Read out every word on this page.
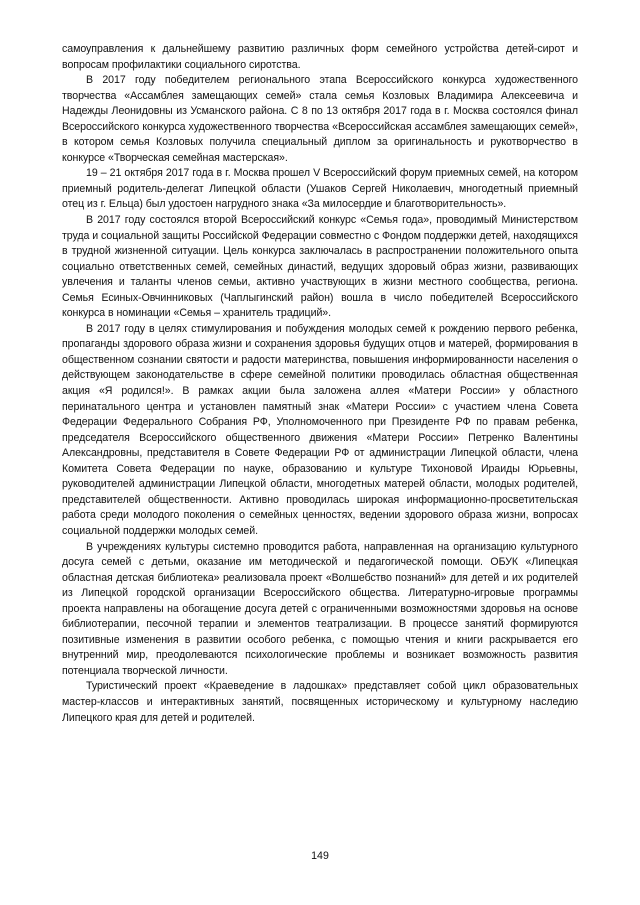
самоуправления к дальнейшему развитию различных форм семейного устройства детей-сирот и вопросам профилактики социального сиротства.

В 2017 году победителем регионального этапа Всероссийского конкурса художественного творчества «Ассамблея замещающих семей» стала семья Козловых Владимира Алексеевича и Надежды Леонидовны из Усманского района. С 8 по 13 октября 2017 года в г. Москва состоялся финал Всероссийского конкурса художественного творчества «Всероссийская ассамблея замещающих семей», в котором семья Козловых получила специальный диплом за оригинальность и рукотворчество в конкурсе «Творческая семейная мастерская».

19 – 21 октября 2017 года в г. Москва прошел V Всероссийский форум приемных семей, на котором приемный родитель-делегат Липецкой области (Ушаков Сергей Николаевич, многодетный приемный отец из г. Ельца) был удостоен нагрудного знака «За милосердие и благотворительность».

В 2017 году состоялся второй Всероссийский конкурс «Семья года», проводимый Министерством труда и социальной защиты Российской Федерации совместно с Фондом поддержки детей, находящихся в трудной жизненной ситуации. Цель конкурса заключалась в распространении положительного опыта социально ответственных семей, семейных династий, ведущих здоровый образ жизни, развивающих увлечения и таланты членов семьи, активно участвующих в жизни местного сообщества, региона. Семья Есиных-Овчинниковых (Чаплыгинский район) вошла в число победителей Всероссийского конкурса в номинации «Семья – хранитель традиций».

В 2017 году в целях стимулирования и побуждения молодых семей к рождению первого ребенка, пропаганды здорового образа жизни и сохранения здоровья будущих отцов и матерей, формирования в общественном сознании святости и радости материнства, повышения информированности населения о действующем законодательстве в сфере семейной политики проводилась областная общественная акция «Я родился!». В рамках акции была заложена аллея «Матери России» у областного перинатального центра и установлен памятный знак «Матери России» с участием члена Совета Федерации Федерального Собрания РФ, Уполномоченного при Президенте РФ по правам ребенка, председателя Всероссийского общественного движения «Матери России» Петренко Валентины Александровны, представителя в Совете Федерации РФ от администрации Липецкой области, члена Комитета Совета Федерации по науке, образованию и культуре Тихоновой Ираиды Юрьевны, руководителей администрации Липецкой области, многодетных матерей области, молодых родителей, представителей общественности. Активно проводилась широкая информационно-просветительская работа среди молодого поколения о семейных ценностях, ведении здорового образа жизни, вопросах социальной поддержки молодых семей.

В учреждениях культуры системно проводится работа, направленная на организацию культурного досуга семей с детьми, оказание им методической и педагогической помощи. ОБУК «Липецкая областная детская библиотека» реализовала проект «Волшебство познаний» для детей и их родителей из Липецкой городской организации Всероссийского общества. Литературно-игровые программы проекта направлены на обогащение досуга детей с ограниченными возможностями здоровья на основе библиотерапии, песочной терапии и элементов театрализации. В процессе занятий формируются позитивные изменения в развитии особого ребенка, с помощью чтения и книги раскрывается его внутренний мир, преодолеваются психологические проблемы и возникает возможность развития потенциала творческой личности.

Туристический проект «Краеведение в ладошках» представляет собой цикл образовательных мастер-классов и интерактивных занятий, посвященных историческому и культурному наследию Липецкого края для детей и родителей.

149
